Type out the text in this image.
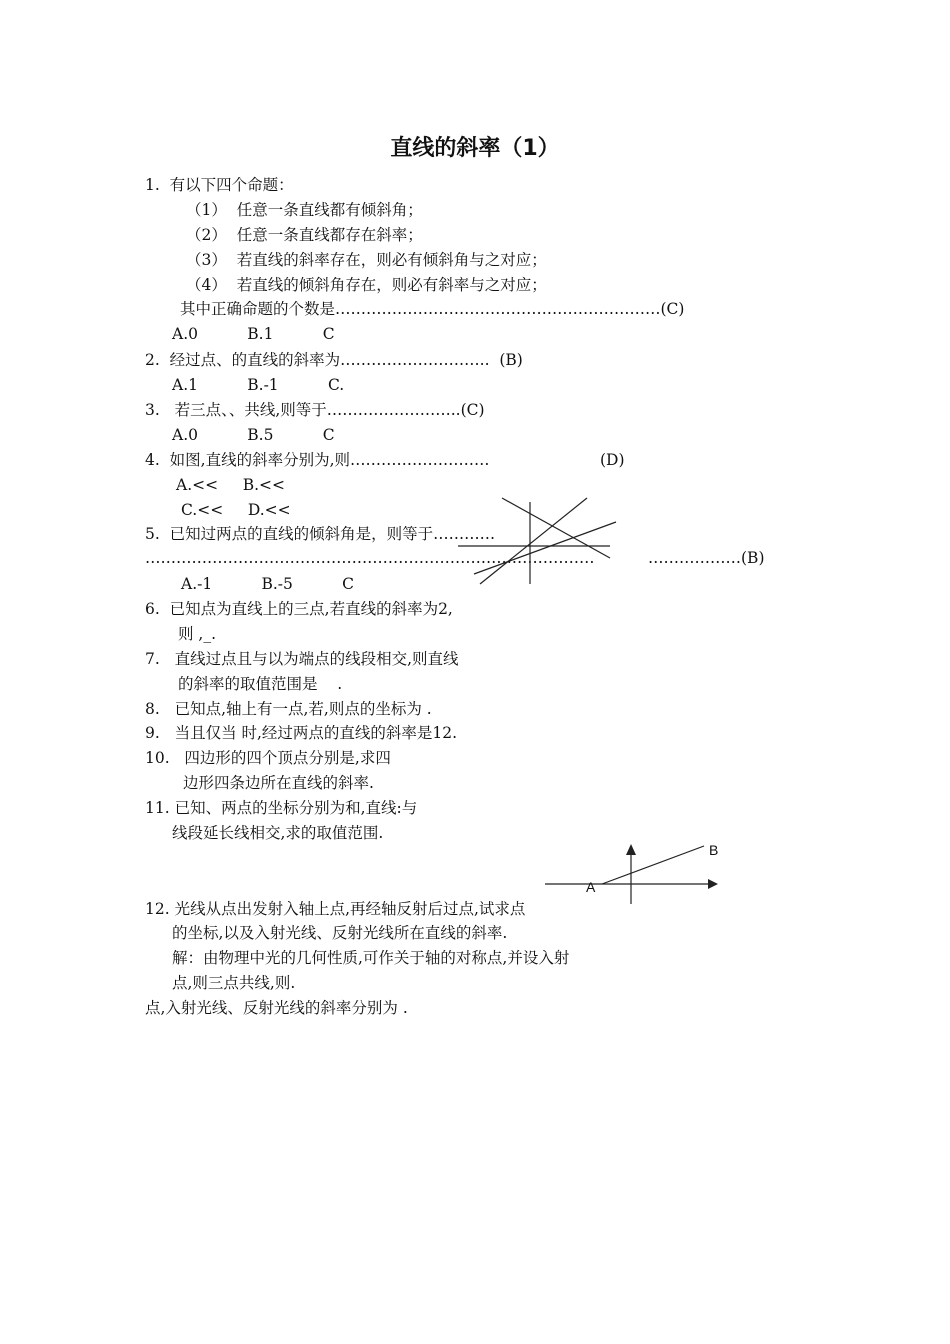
直线的斜率（1）
1.  有以下四个命题：
（1）  任意一条直线都有倾斜角；
（2）  任意一条直线都存在斜率；
（3）  若直线的斜率存在，则必有倾斜角与之对应；
（4）  若直线的倾斜角存在，则必有斜率与之对应；
其中正确命题的个数是………………………………………………………(C)
A.0          B.1          C
2.  经过点、的直线的斜率为………………………..  (B)
A.1          B.-1          C.
3.   若三点、、共线,则等于……………………..(C)
A.0          B.5          C
4.  如图,直线的斜率分别为,则………………………	(D)
A.<<     B.<<
C.<<     D.<<
5.  已知过两点的直线的倾斜角是，则等于…………
……………………………………………………………………………	………………(B)
A.-1          B.-5          C
6.  已知点为直线上的三点,若直线的斜率为2,
则 ,_.
7.   直线过点且与以为端点的线段相交,则直线
的斜率的取值范围是    .
8.   已知点,轴上有一点,若,则点的坐标为 .
9.   当且仅当 时,经过两点的直线的斜率是12.
10.   四边形的四个顶点分别是,求四
边形四条边所在直线的斜率.
11. 已知、两点的坐标分别为和,直线:与
线段延长线相交,求的取值范围.
12. 光线从点出发射入轴上点,再经轴反射后过点,试求点
的坐标,以及入射光线、反射光线所在直线的斜率.
解：由物理中光的几何性质,可作关于轴的对称点,并设入射
点,则三点共线,则.
点,入射光线、反射光线的斜率分别为 .
A
B
